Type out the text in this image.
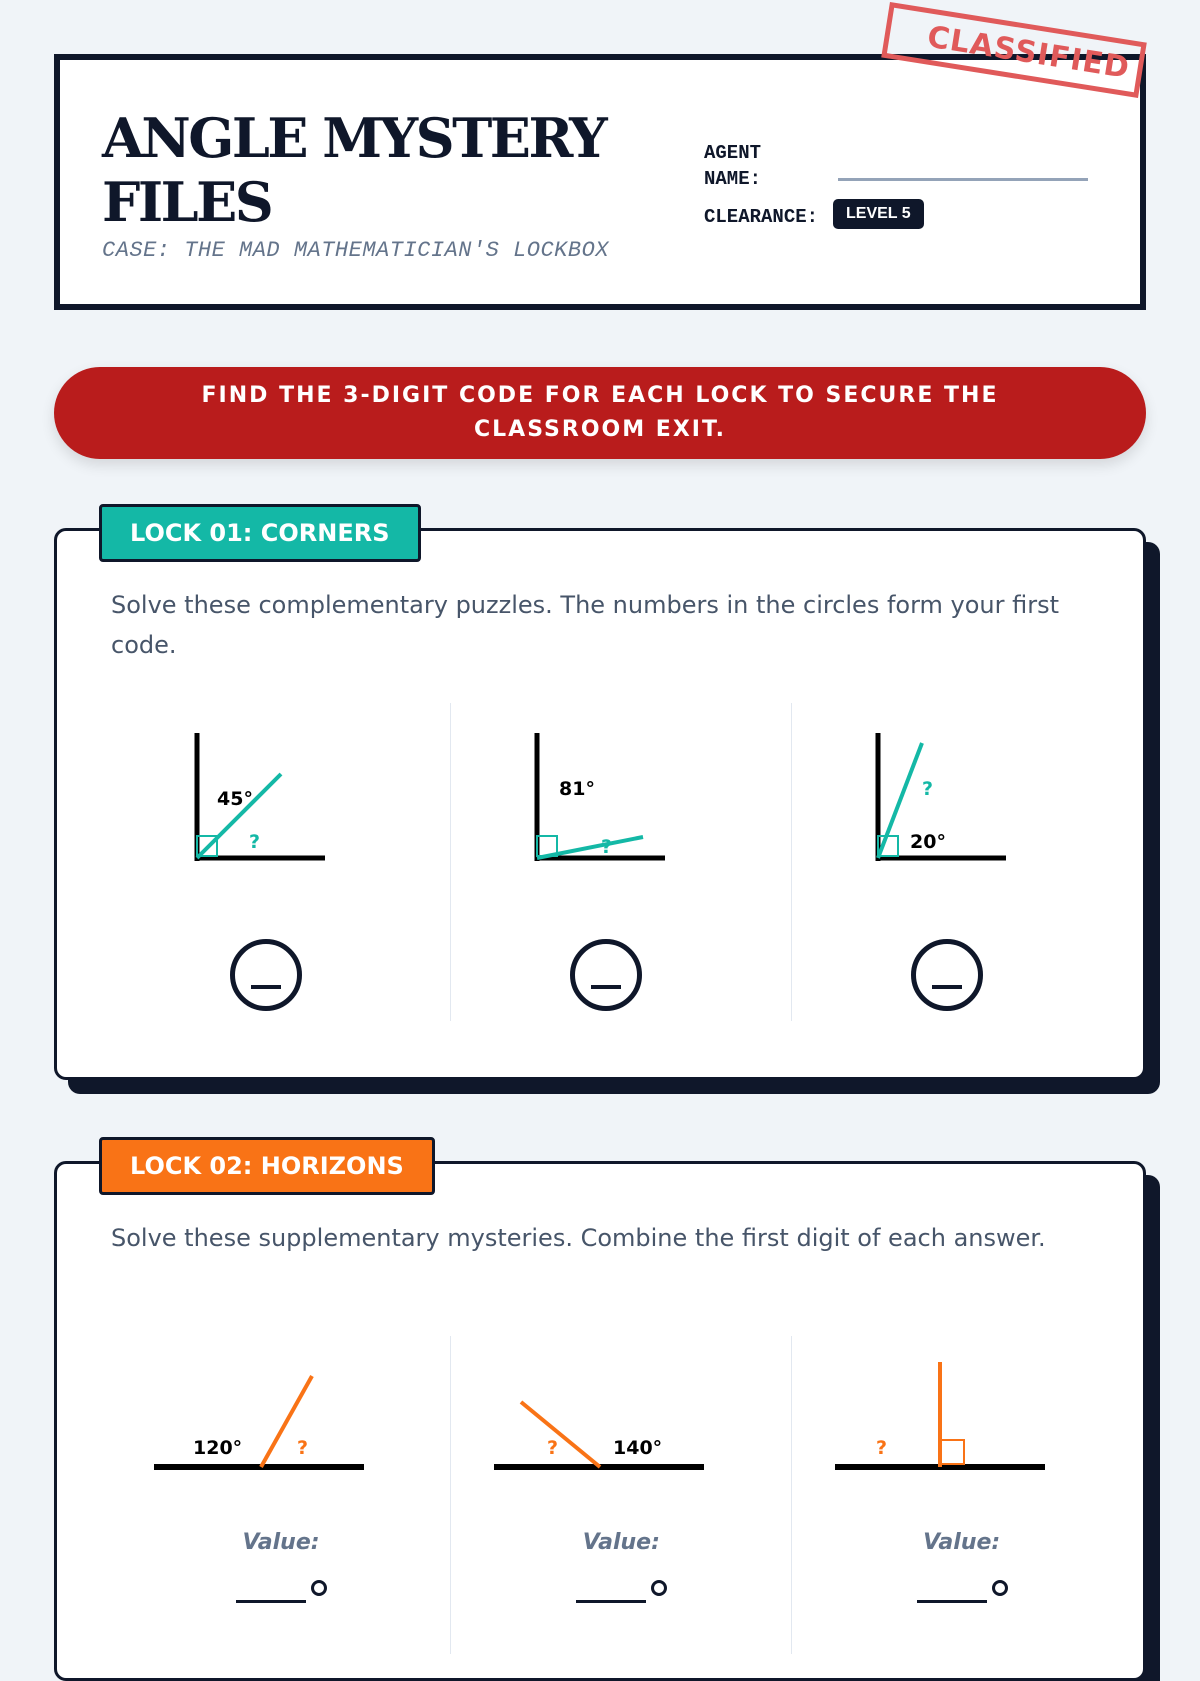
ANGLE MYSTERY FILES
CASE: THE MAD MATHEMATICIAN'S LOCKBOX
AGENT NAME:
CLEARANCE:	LEVEL 5
CLASSIFIED
FIND THE 3-DIGIT CODE FOR EACH LOCK TO SECURE THE CLASSROOM EXIT.
LOCK 01: CORNERS

Solve these complementary puzzles. The numbers in the circles form your first code.

45°
?
81°
?
?
20°
LOCK 02: HORIZONS

Solve these supplementary mysteries. Combine the first digit of each answer.

120°	?
Value:
?	140°
Value:
?
Value:
